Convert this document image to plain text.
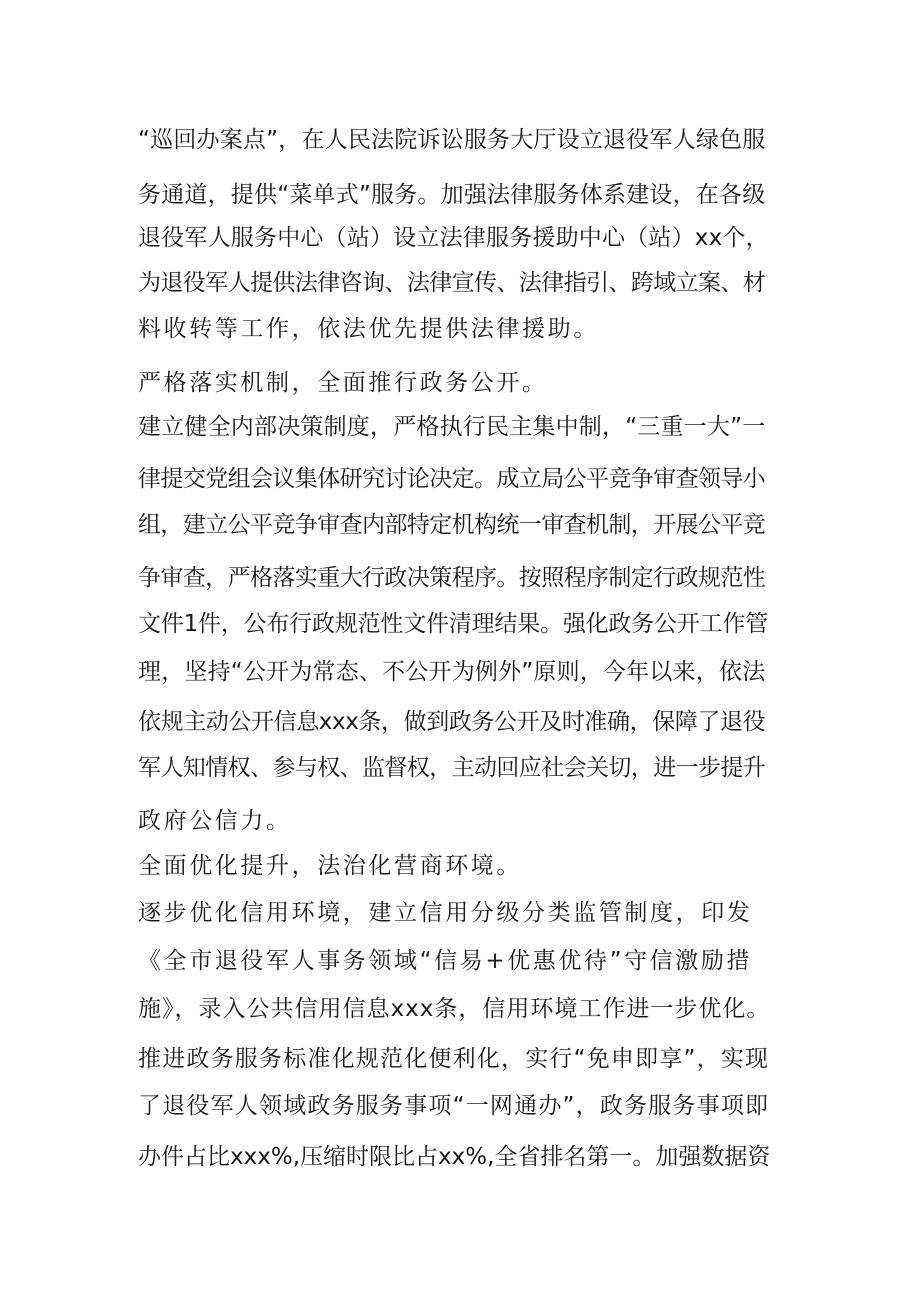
“巡回办案点”，在人民法院诉讼服务大厅设立退役军人绿色服
务通道，提供“菜单式”服务。加强法律服务体系建设，在各级
退役军人服务中心（站）设立法律服务援助中心（站）xx个，
为退役军人提供法律咨询、法律宣传、法律指引、跨域立案、材
料收转等工作，依法优先提供法律援助。
严格落实机制，全面推行政务公开。
建立健全内部决策制度，严格执行民主集中制，“三重一大”一
律提交党组会议集体研究讨论决定。成立局公平竞争审查领导小
组，建立公平竞争审查内部特定机构统一审查机制，开展公平竞
争审查，严格落实重大行政决策程序。按照程序制定行政规范性
文件1件，公布行政规范性文件清理结果。强化政务公开工作管
理，坚持“公开为常态、不公开为例外”原则，今年以来，依法
依规主动公开信息xxx条，做到政务公开及时准确，保障了退役
军人知情权、参与权、监督权，主动回应社会关切，进一步提升
政府公信力。
全面优化提升，法治化营商环境。
逐步优化信用环境，建立信用分级分类监管制度，印发
《全市退役军人事务领域“信易+优惠优待”守信激励措
施》，录入公共信用信息xxx条，信用环境工作进一步优化。
推进政务服务标准化规范化便利化，实行“免申即享”，实现
了退役军人领域政务服务事项“一网通办”，政务服务事项即
办件占比xxx%,压缩时限比占xx%,全省排名第一。加强数据资
